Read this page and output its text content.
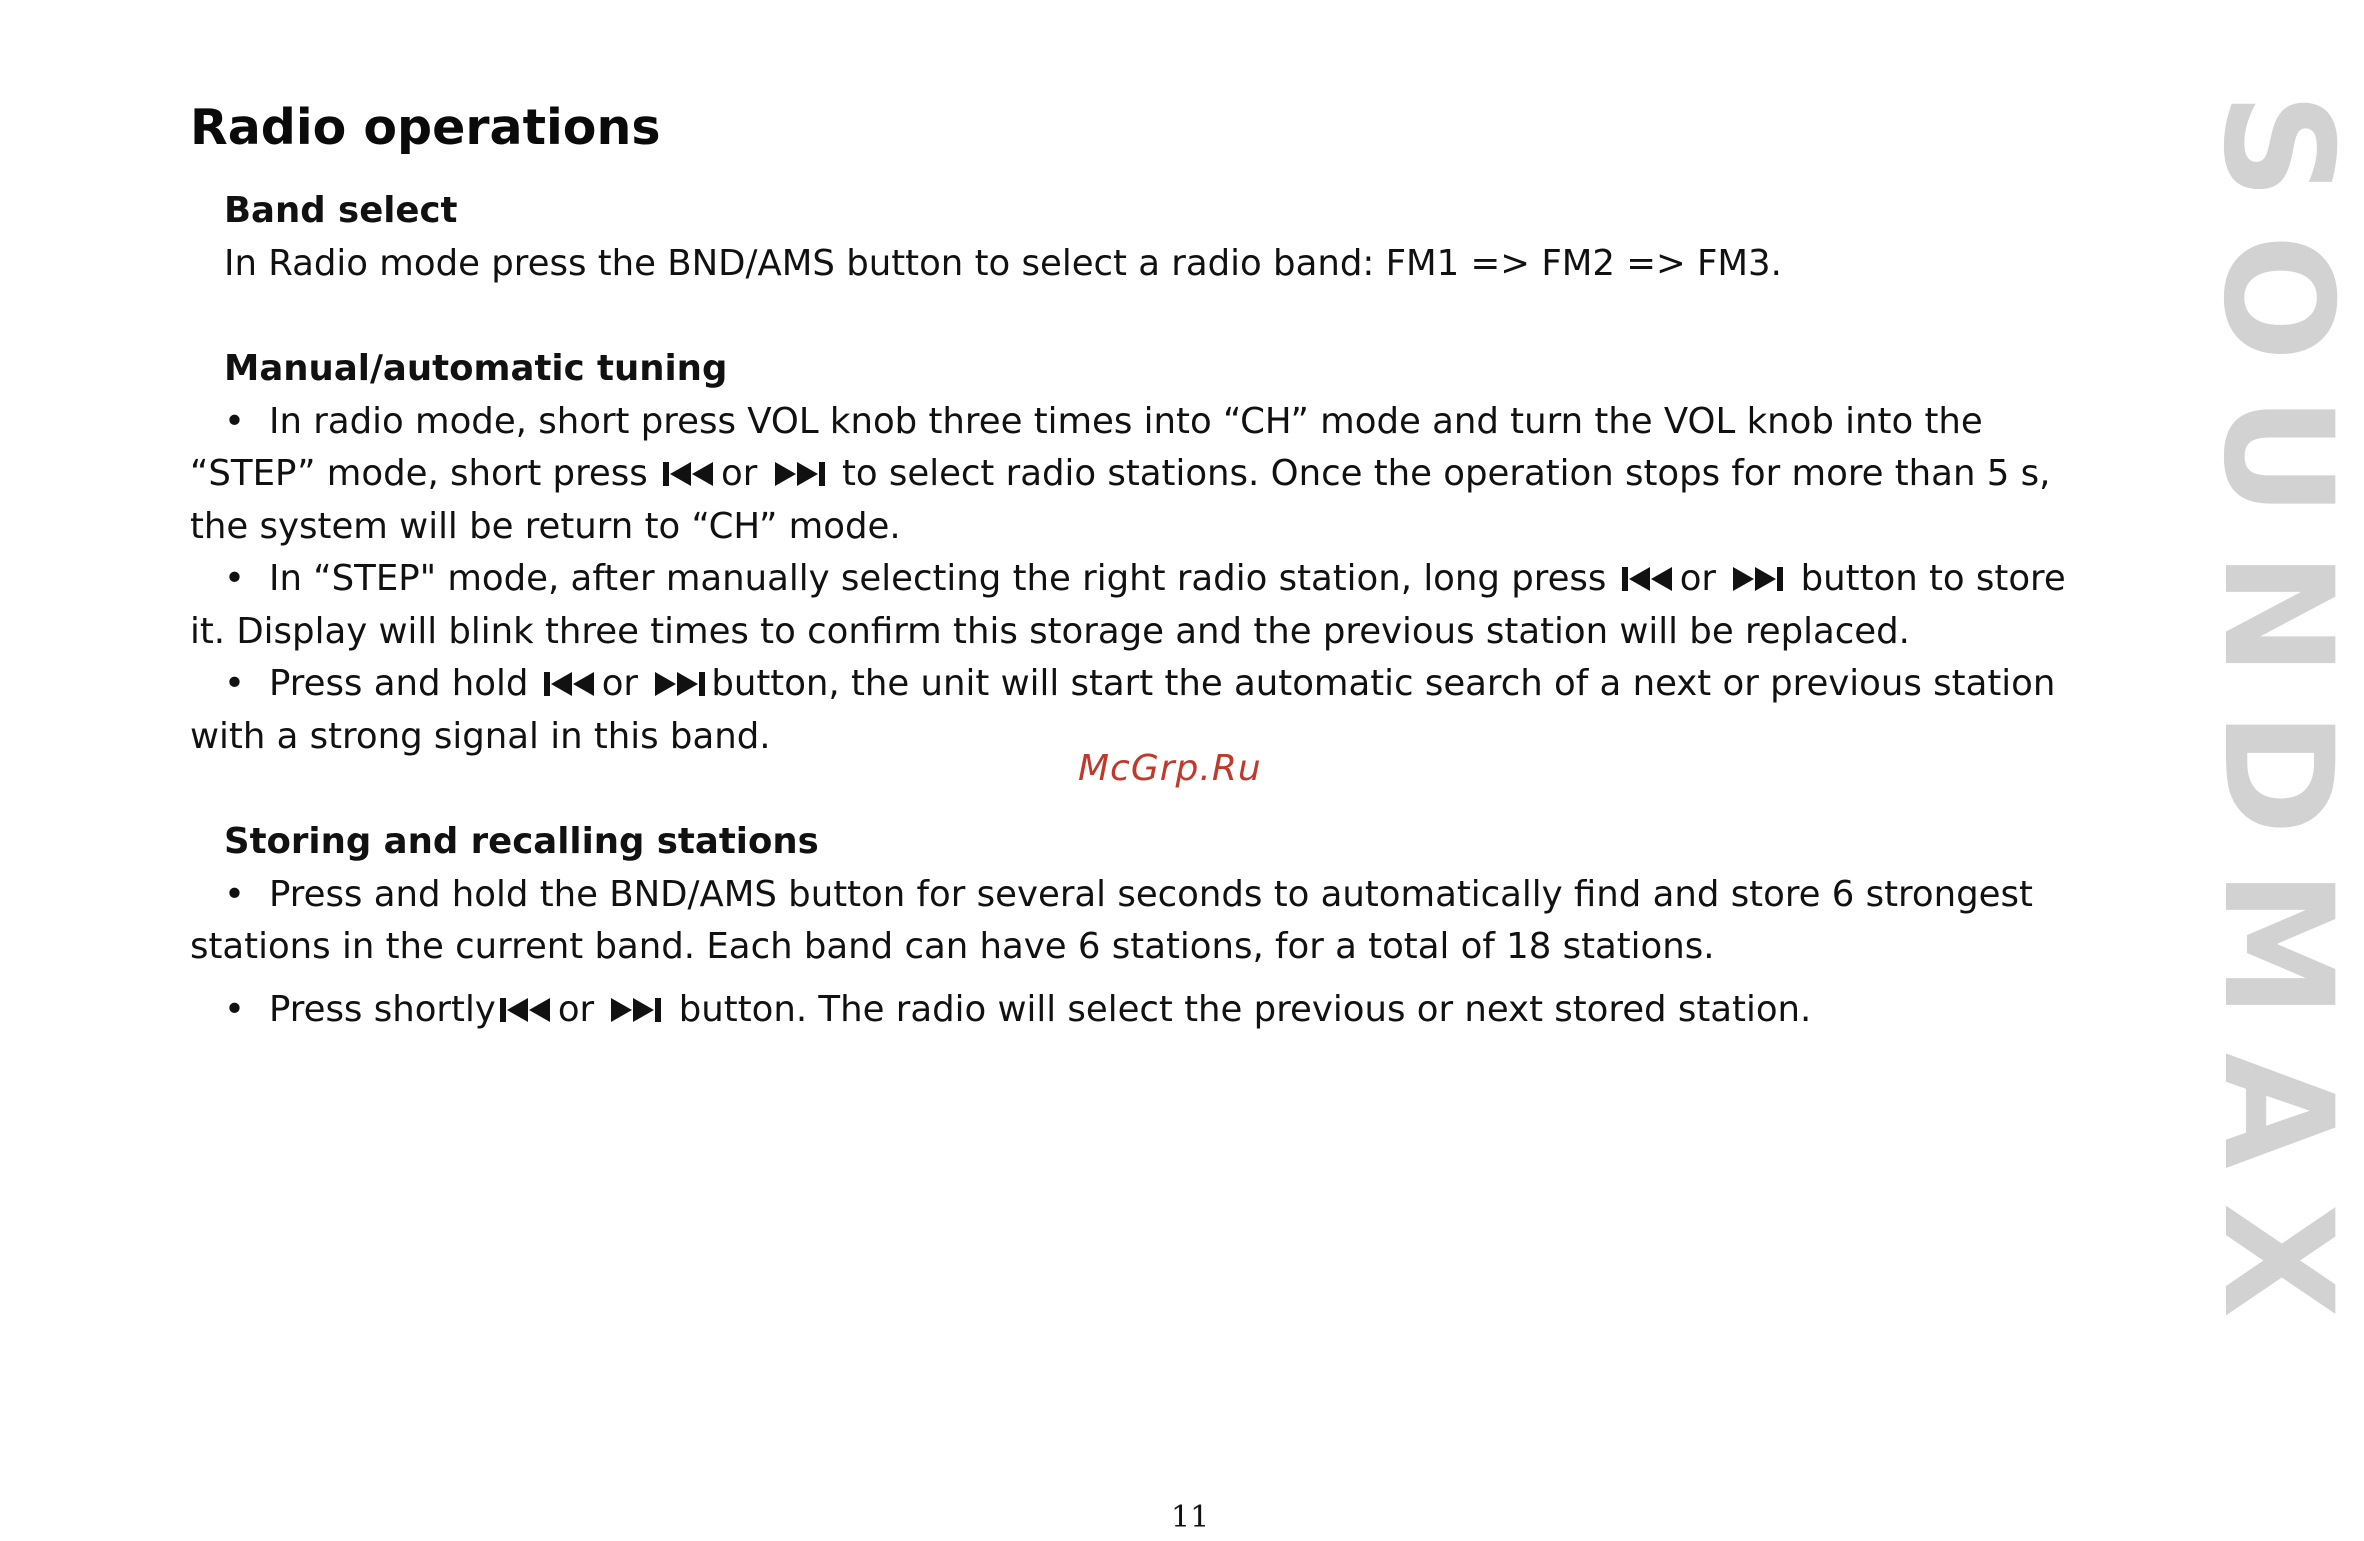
Radio operations

Band select

In Radio mode press the BND/AMS button to select a radio band: FM1 => FM2 => FM3.

Manual/automatic tuning

• In radio mode, short press VOL knob three times into “CH” mode and turn the VOL knob into the “STEP” mode, short press or to select radio stations. Once the operation stops for more than 5 s, the system will be return to “CH” mode.

• In “STEP" mode, after manually selecting the right radio station, long press or button to store it. Display will blink three times to confirm this storage and the previous station will be replaced.

• Press and hold or button, the unit will start the automatic search of a next or previous station with a strong signal in this band.

Storing and recalling stations

• Press and hold the BND/AMS button for several seconds to automatically find and store 6 strongest stations in the current band. Each band can have 6 stations, for a total of 18 stations.

• Press shortly or button. The radio will select the previous or next stored station.

McGrp.Ru	SOUNDMAX
11
